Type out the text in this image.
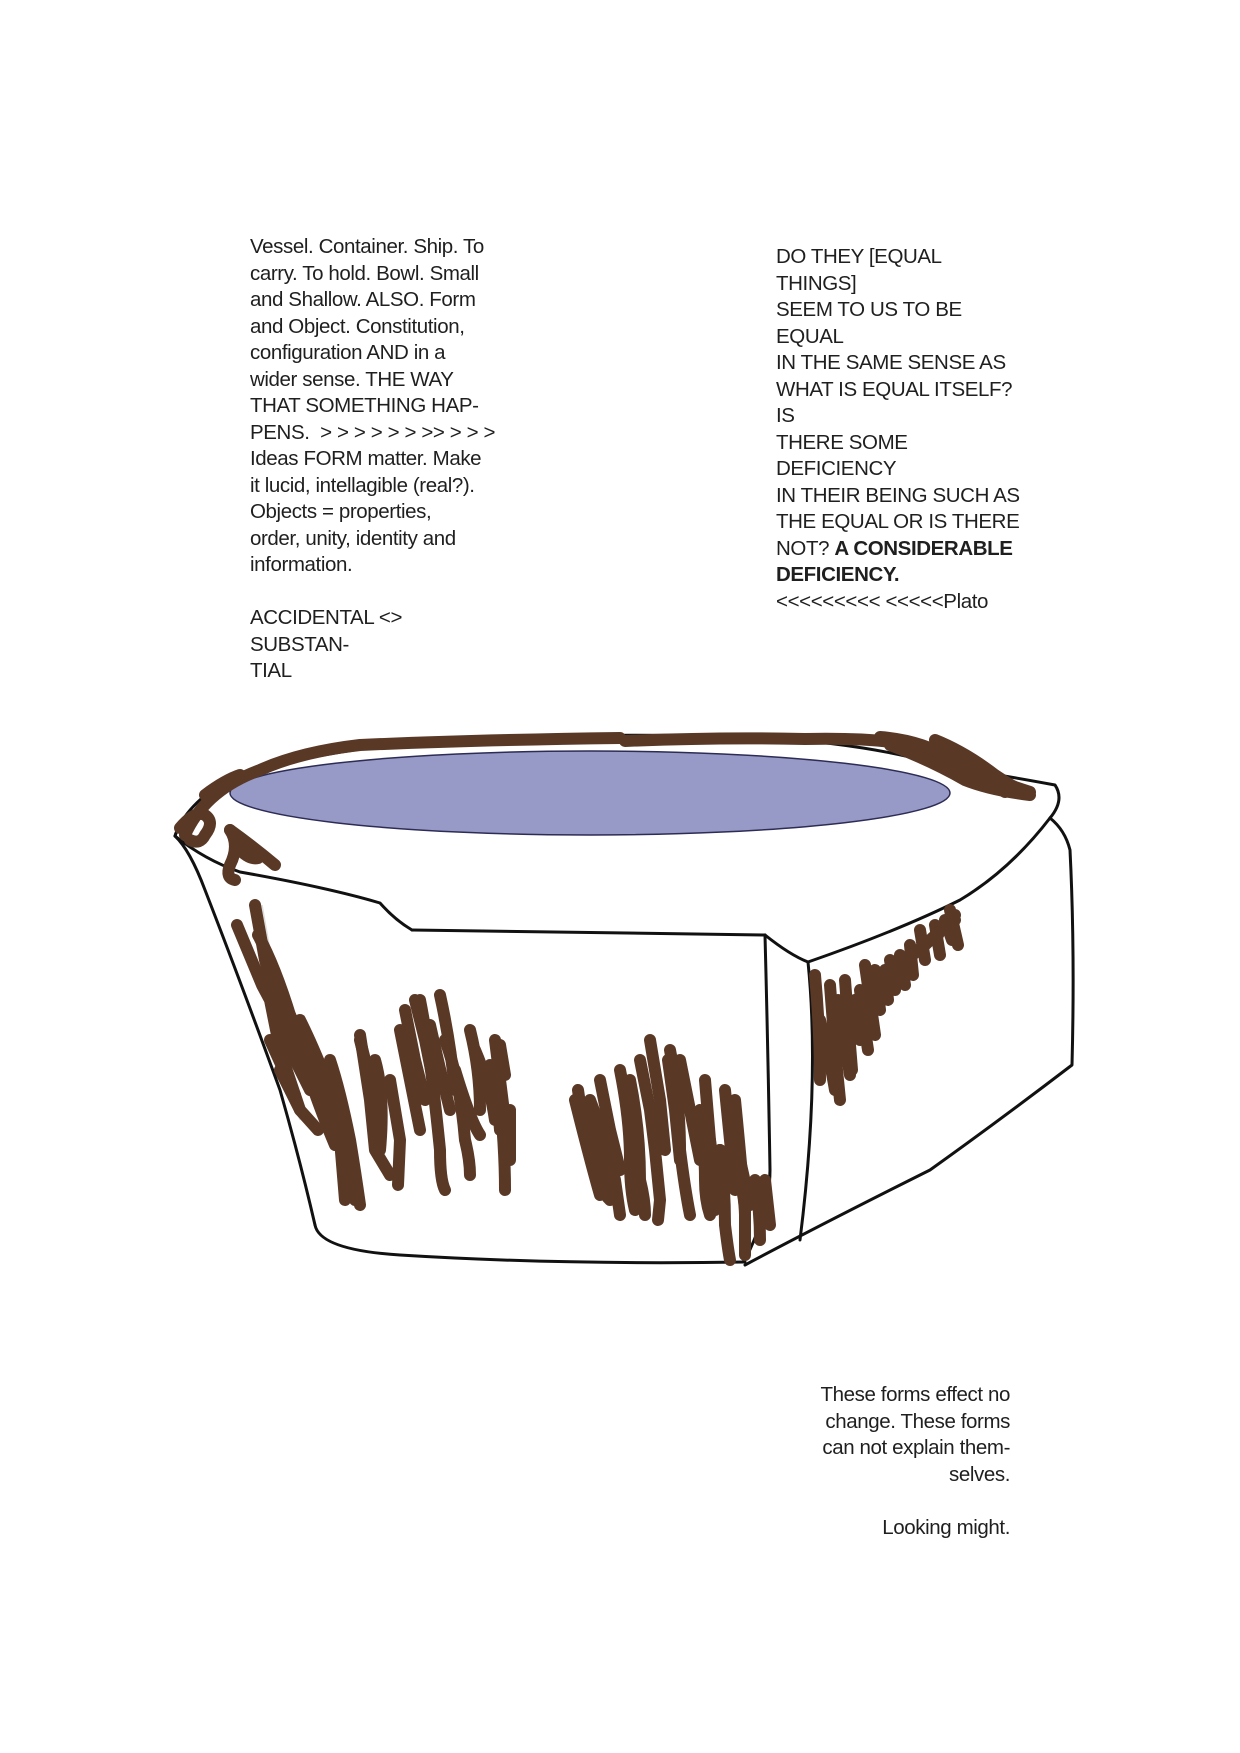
Vessel. Container. Ship. To

carry. To hold. Bowl. Small

and Shallow. ALSO. Form

and Object. Constitution,

configuration AND in a

wider sense. THE WAY

THAT SOMETHING HAP-

PENS.  > > > > > > >> > > >

Ideas FORM matter. Make

it lucid, intellagible (real?).

Objects = properties,

order, unity, identity and

information.

ACCIDENTAL <> SUBSTAN-

TIAL

DO THEY [EQUAL THINGS]

SEEM TO US TO BE EQUAL

IN THE SAME SENSE AS

WHAT IS EQUAL ITSELF? IS

THERE SOME DEFICIENCY

IN THEIR BEING SUCH AS

THE EQUAL OR IS THERE

NOT? A CONSIDERABLE

DEFICIENCY.

<<<<<<<<< <<<<<Plato

These forms effect no

change. These forms

can not explain them-

selves.

Looking might.
